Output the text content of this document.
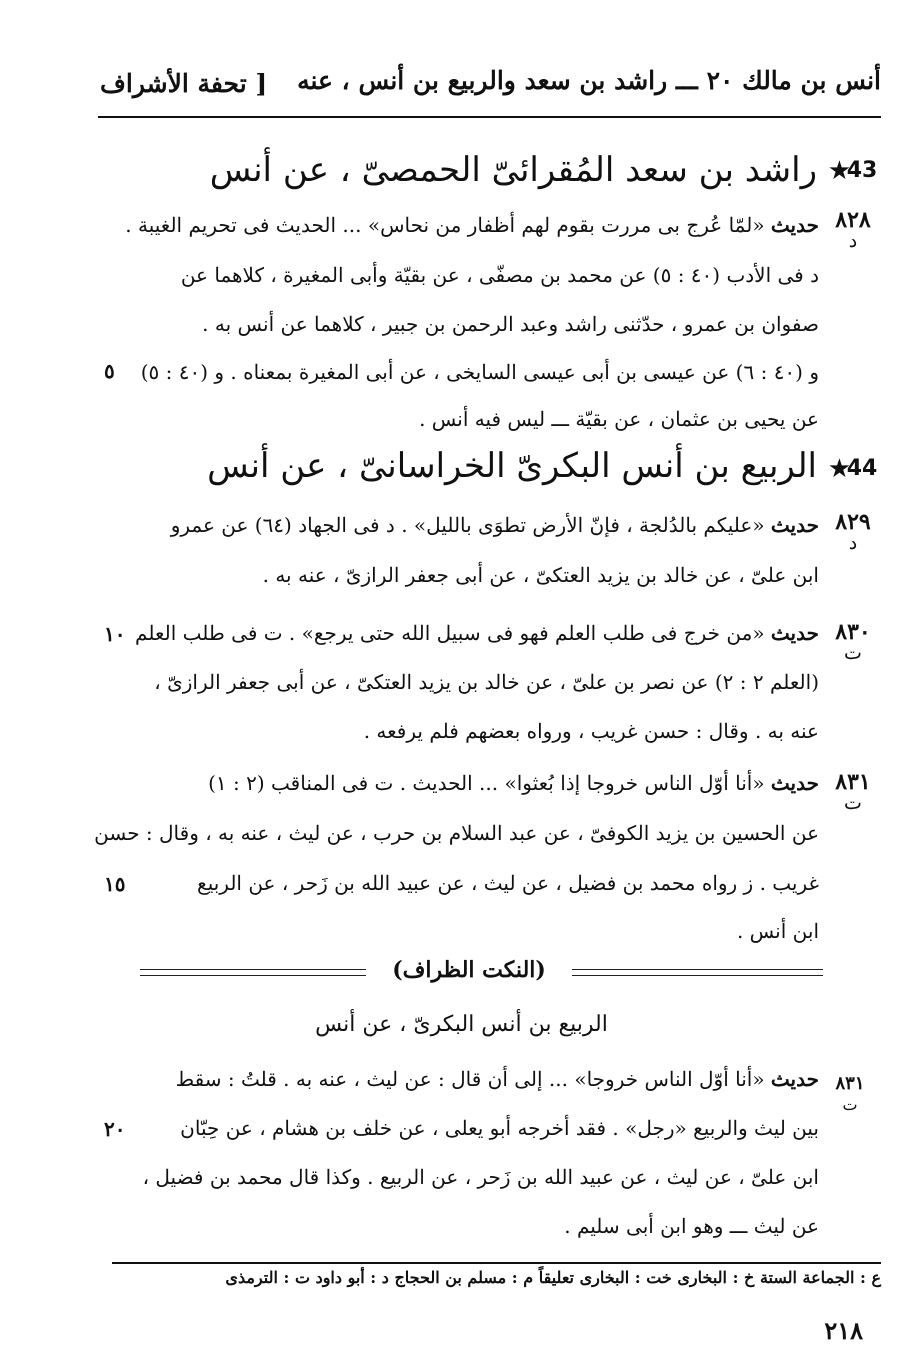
أنس بن مالك ٢٠ ـــ راشد بن سعد والربيع بن أنس ، عنه
[ تحفة الأشراف
43
★
راشد بن سعد المُقرائىّ الحمصىّ ، عن أنس
٨٢٨
د
حديث «لمّا عُرج بى مررت بقوم لهم أظفار من نحاس» ... الحديث فى تحريم الغيبة .
د فى الأدب (٤٠ : ٥) عن محمد بن مصفّى ، عن بقيّة وأبى المغيرة ، كلاهما عن
صفوان بن عمرو ، حدّثنى راشد وعبد الرحمن بن جبير ، كلاهما عن أنس به .
و (٤٠ : ٦) عن عيسى بن أبى عيسى السايخى ، عن أبى المغيرة بمعناه . و (٤٠ : ٥)
٥
عن يحيى بن عثمان ، عن بقيّة ـــ ليس فيه أنس .
44
★
الربيع بن أنس البكرىّ الخراسانىّ ، عن أنس
٨٢٩
د
حديث «عليكم بالدُلجة ، فإنّ الأرض تطوَى بالليل» . د فى الجهاد (٦٤) عن عمرو
ابن علىّ ، عن خالد بن يزيد العتكىّ ، عن أبى جعفر الرازىّ ، عنه به .
٨٣٠
ت
حديث «من خرج فى طلب العلم فهو فى سبيل الله حتى يرجع» . ت فى طلب العلم
١٠
(العلم ٢ : ٢) عن نصر بن علىّ ، عن خالد بن يزيد العتكىّ ، عن أبى جعفر الرازىّ ،
عنه به . وقال : حسن غريب ، ورواه بعضهم فلم يرفعه .
٨٣١
ت
حديث «أنا أوّل الناس خروجا إذا بُعثوا» ... الحديث . ت فى المناقب (٢ : ١)
عن الحسين بن يزيد الكوفىّ ، عن عبد السلام بن حرب ، عن ليث ، عنه به ، وقال : حسن
غريب . ز رواه محمد بن فضيل ، عن ليث ، عن عبيد الله بن زَحر ، عن الربيع
١٥
ابن أنس .
(النكت الظراف)
الربيع بن أنس البكرىّ ، عن أنس
٨٣١
ت
حديث «أنا أوّل الناس خروجا» ... إلى أن قال : عن ليث ، عنه به . قلتُ : سقط
بين ليث والربيع «رجل» . فقد أخرجه أبو يعلى ، عن خلف بن هشام ، عن حِبّان
٢٠
ابن علىّ ، عن ليث ، عن عبيد الله بن زَحر ، عن الربيع . وكذا قال محمد بن فضيل ،
عن ليث ـــ وهو ابن أبى سليم .
ع : الجماعة الستة خ : البخارى خت : البخارى تعليقاً م : مسلم بن الحجاج د : أبو داود ت : الترمذى
٢١٨
